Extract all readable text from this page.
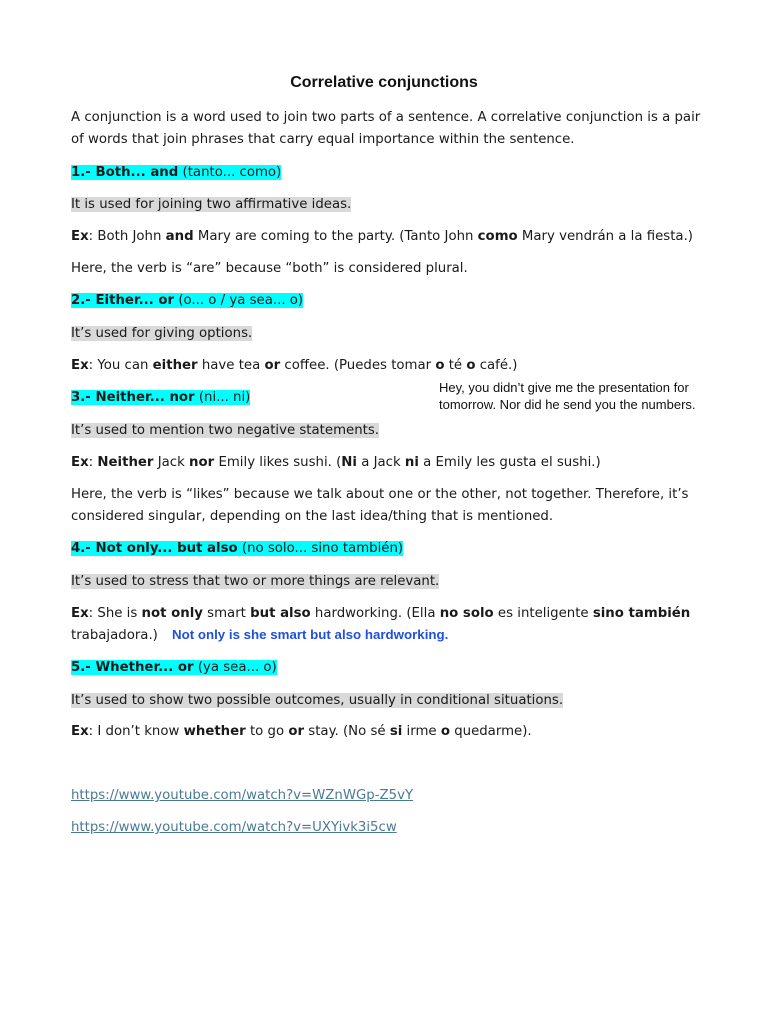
Correlative conjunctions
A conjunction is a word used to join two parts of a sentence. A correlative conjunction is a pair of words that join phrases that carry equal importance within the sentence.
1.- Both... and (tanto... como)
It is used for joining two affirmative ideas.
Ex: Both John and Mary are coming to the party. (Tanto John como Mary vendrán a la fiesta.)
Here, the verb is “are” because “both” is considered plural.
2.- Either... or (o... o / ya sea... o)
It’s used for giving options.
Ex: You can either have tea or coffee. (Puedes tomar o té o café.)
3.- Neither... nor (ni... ni)
Hey, you didn’t give me the presentation for tomorrow. Nor did he send you the numbers.
It’s used to mention two negative statements.
Ex: Neither Jack nor Emily likes sushi. (Ni a Jack ni a Emily les gusta el sushi.)
Here, the verb is “likes” because we talk about one or the other, not together. Therefore, it’s considered singular, depending on the last idea/thing that is mentioned.
4.- Not only... but also (no solo... sino también)
It’s used to stress that two or more things are relevant.
Ex: She is not only smart but also hardworking. (Ella no solo es inteligente sino también
trabajadora.) Not only is she smart but also hardworking.
5.- Whether... or (ya sea... o)
It’s used to show two possible outcomes, usually in conditional situations.
Ex: I don’t know whether to go or stay. (No sé si irme o quedarme).
https://www.youtube.com/watch?v=WZnWGp-Z5vY
https://www.youtube.com/watch?v=UXYivk3i5cw
